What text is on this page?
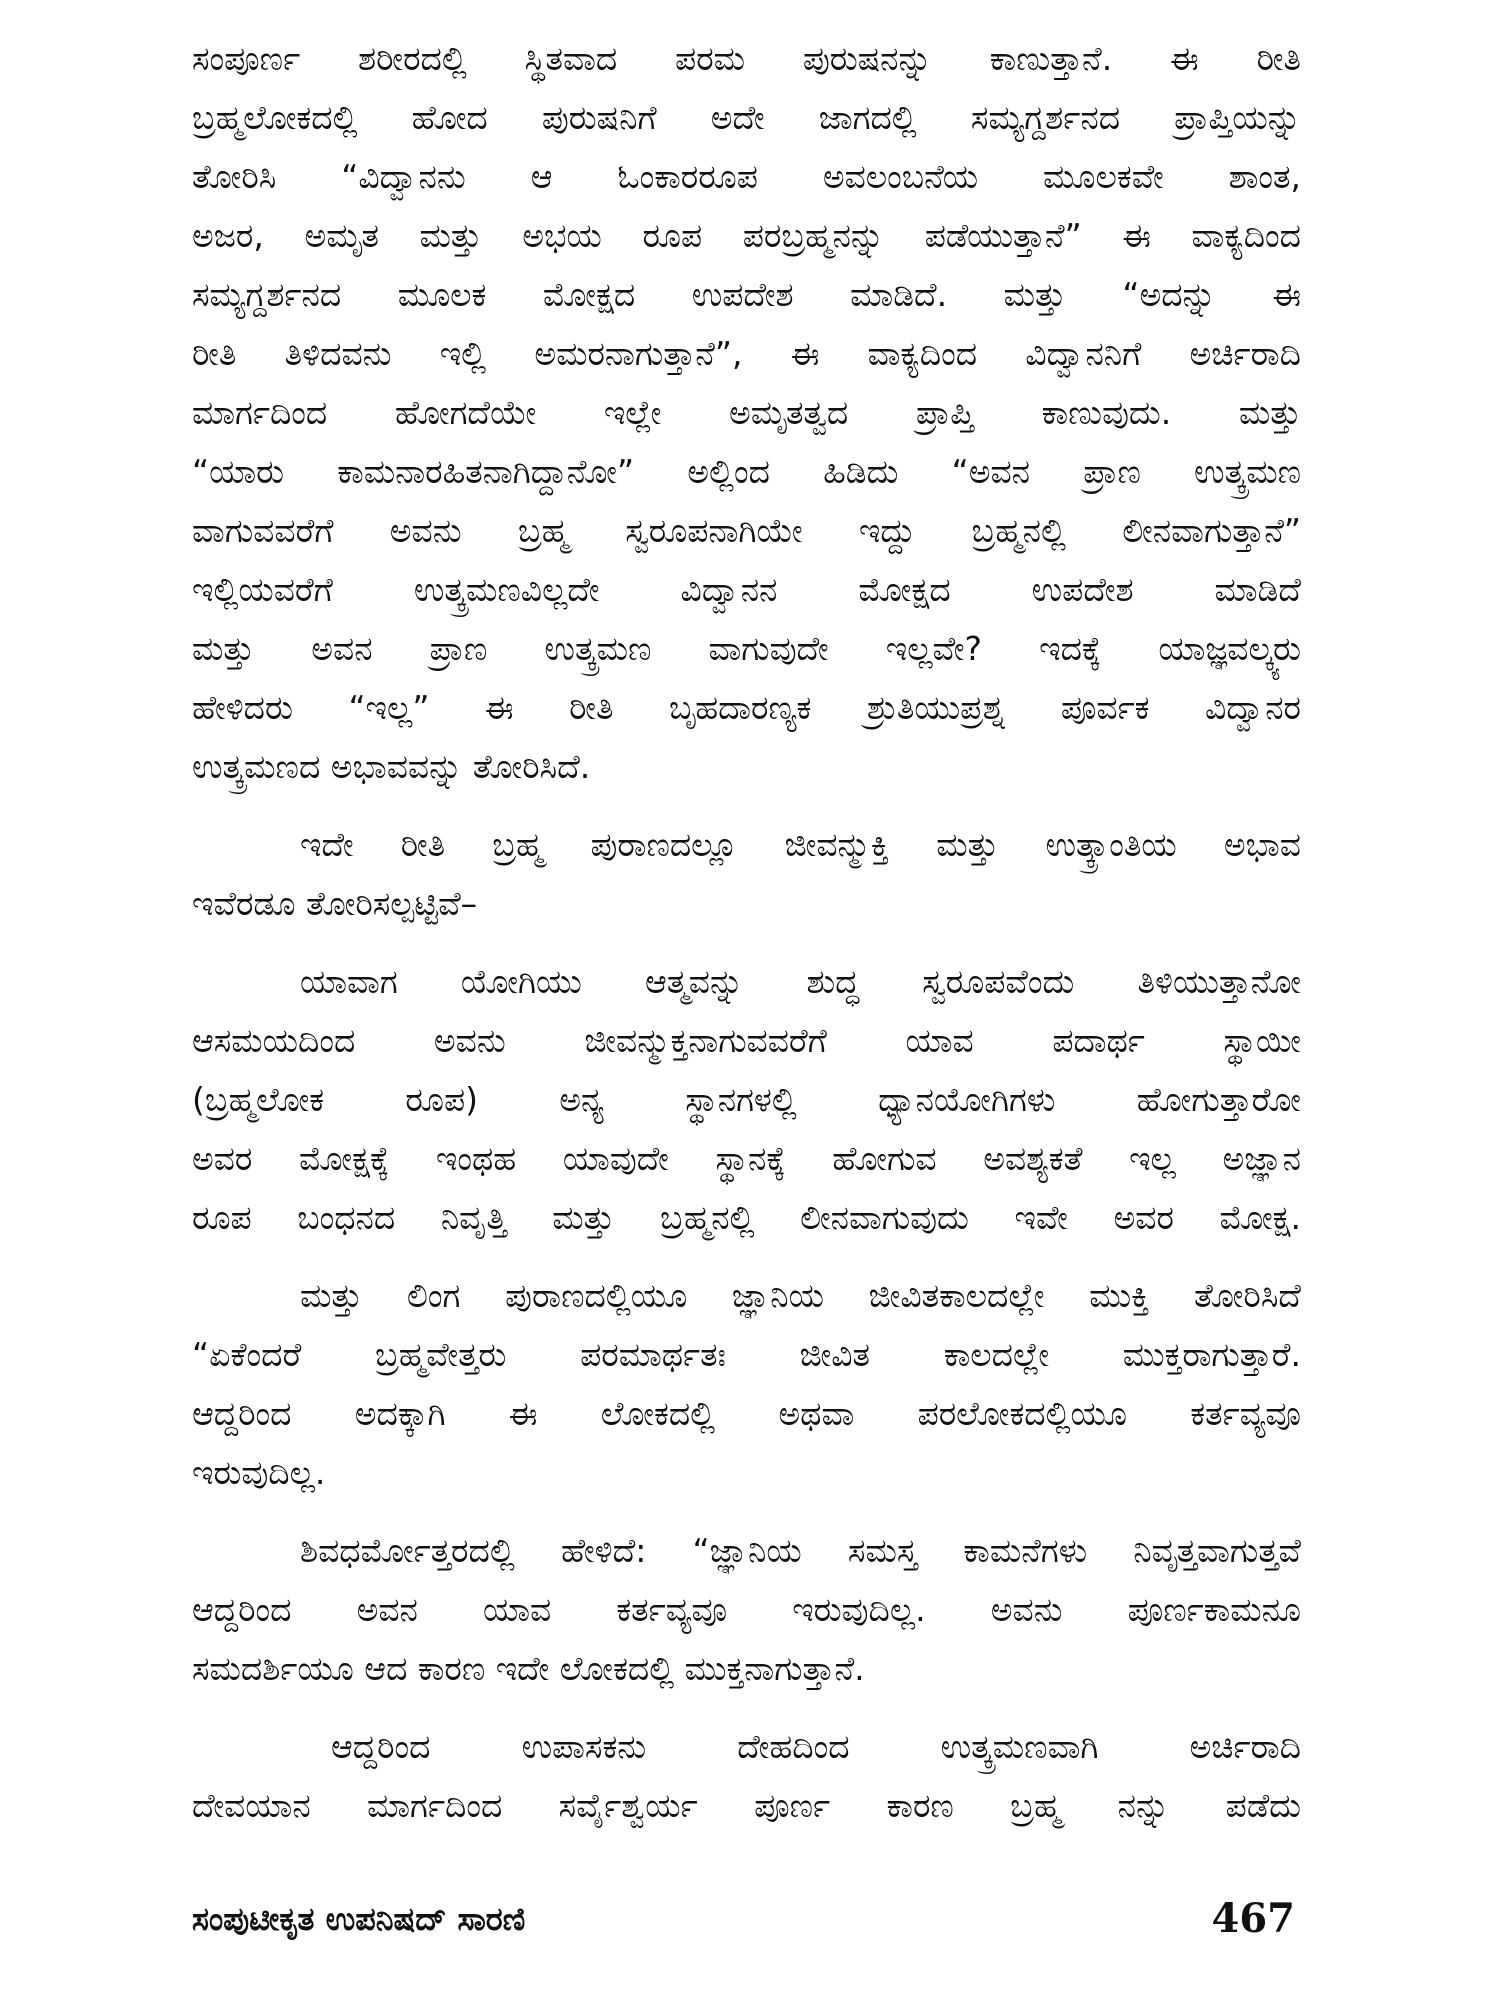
ಸಂಪೂರ್ಣ ಶರೀರದಲ್ಲಿ ಸ್ಥಿತವಾದ ಪರಮ ಪುರುಷನನ್ನು ಕಾಣುತ್ತಾನೆ. ಈ ರೀತಿ
ಬ್ರಹ್ಮಲೋಕದಲ್ಲಿ ಹೋದ ಪುರುಷನಿಗೆ ಅದೇ ಜಾಗದಲ್ಲಿ ಸಮ್ಯಗ್ದರ್ಶನದ ಪ್ರಾಪ್ತಿಯನ್ನು
ತೋರಿಸಿ “ವಿದ್ವಾನನು ಆ ಓಂಕಾರರೂಪ ಅವಲಂಬನೆಯ ಮೂಲಕವೇ ಶಾಂತ,
ಅಜರ, ಅಮೃತ ಮತ್ತು ಅಭಯ ರೂಪ ಪರಬ್ರಹ್ಮನನ್ನು ಪಡೆಯುತ್ತಾನೆ” ಈ ವಾಕ್ಯದಿಂದ
ಸಮ್ಯಗ್ದರ್ಶನದ ಮೂಲಕ ಮೋಕ್ಷದ ಉಪದೇಶ ಮಾಡಿದೆ. ಮತ್ತು “ಅದನ್ನು ಈ
ರೀತಿ ತಿಳಿದವನು ಇಲ್ಲಿ ಅಮರನಾಗುತ್ತಾನೆ”, ಈ ವಾಕ್ಯದಿಂದ ವಿದ್ವಾನನಿಗೆ ಅರ್ಚಿರಾದಿ
ಮಾರ್ಗದಿಂದ ಹೋಗದೆಯೇ ಇಲ್ಲೇ ಅಮೃತತ್ವದ ಪ್ರಾಪ್ತಿ ಕಾಣುವುದು. ಮತ್ತು
“ಯಾರು ಕಾಮನಾರಹಿತನಾಗಿದ್ದಾನೋ” ಅಲ್ಲಿಂದ ಹಿಡಿದು “ಅವನ ಪ್ರಾಣ ಉತ್ಕ್ರಮಣ
ವಾಗುವವರೆಗೆ ಅವನು ಬ್ರಹ್ಮ ಸ್ವರೂಪನಾಗಿಯೇ ಇದ್ದು ಬ್ರಹ್ಮನಲ್ಲಿ ಲೀನವಾಗುತ್ತಾನೆ”
ಇಲ್ಲಿಯವರೆಗೆ ಉತ್ಕ್ರಮಣವಿಲ್ಲದೇ ವಿದ್ವಾನನ ಮೋಕ್ಷದ ಉಪದೇಶ ಮಾಡಿದೆ
ಮತ್ತು ಅವನ ಪ್ರಾಣ ಉತ್ಕ್ರಮಣ ವಾಗುವುದೇ ಇಲ್ಲವೇ? ಇದಕ್ಕೆ ಯಾಜ್ಞವಲ್ಕ್ಯರು
ಹೇಳಿದರು “ಇಲ್ಲ” ಈ ರೀತಿ ಬೃಹದಾರಣ್ಯಕ ಶ್ರುತಿಯುಪ್ರಶ್ನ ಪೂರ್ವಕ ವಿದ್ವಾನರ
ಉತ್ಕ್ರಮಣದ ಅಭಾವವನ್ನು ತೋರಿಸಿದೆ.
ಇದೇ ರೀತಿ ಬ್ರಹ್ಮ ಪುರಾಣದಲ್ಲೂ ಜೀವನ್ಮುಕ್ತಿ ಮತ್ತು ಉತ್ಕ್ರಾಂತಿಯ ಅಭಾವ
ಇವೆರಡೂ ತೋರಿಸಲ್ಪಟ್ಟಿವೆ–
ಯಾವಾಗ ಯೋಗಿಯು ಆತ್ಮವನ್ನು ಶುದ್ಧ ಸ್ವರೂಪವೆಂದು ತಿಳಿಯುತ್ತಾನೋ
ಆಸಮಯದಿಂದ ಅವನು ಜೀವನ್ಮುಕ್ತನಾಗುವವರೆಗೆ ಯಾವ ಪದಾರ್ಥ ಸ್ಥಾಯೀ
(ಬ್ರಹ್ಮಲೋಕ ರೂಪ) ಅನ್ಯ ಸ್ಥಾನಗಳಲ್ಲಿ ಧ್ಯಾನಯೋಗಿಗಳು ಹೋಗುತ್ತಾರೋ
ಅವರ ಮೋಕ್ಷಕ್ಕೆ ಇಂಥಹ ಯಾವುದೇ ಸ್ಥಾನಕ್ಕೆ ಹೋಗುವ ಅವಶ್ಯಕತೆ ಇಲ್ಲ ಅಜ್ಞಾನ
ರೂಪ ಬಂಧನದ ನಿವೃತ್ತಿ ಮತ್ತು ಬ್ರಹ್ಮನಲ್ಲಿ ಲೀನವಾಗುವುದು ಇವೇ ಅವರ ಮೋಕ್ಷ.
ಮತ್ತು ಲಿಂಗ ಪುರಾಣದಲ್ಲಿಯೂ ಜ್ಞಾನಿಯ ಜೀವಿತಕಾಲದಲ್ಲೇ ಮುಕ್ತಿ ತೋರಿಸಿದೆ
“ಏಕೆಂದರೆ ಬ್ರಹ್ಮವೇತ್ತರು ಪರಮಾರ್ಥತಃ ಜೀವಿತ ಕಾಲದಲ್ಲೇ ಮುಕ್ತರಾಗುತ್ತಾರೆ.
ಆದ್ದರಿಂದ ಅದಕ್ಕಾಗಿ ಈ ಲೋಕದಲ್ಲಿ ಅಥವಾ ಪರಲೋಕದಲ್ಲಿಯೂ ಕರ್ತವ್ಯವೂ
ಇರುವುದಿಲ್ಲ.
ಶಿವಧರ್ಮೋತ್ತರದಲ್ಲಿ ಹೇಳಿದೆ: “ಜ್ಞಾನಿಯ ಸಮಸ್ತ ಕಾಮನೆಗಳು ನಿವೃತ್ತವಾಗುತ್ತವೆ
ಆದ್ದರಿಂದ ಅವನ ಯಾವ ಕರ್ತವ್ಯವೂ ಇರುವುದಿಲ್ಲ. ಅವನು ಪೂರ್ಣಕಾಮನೂ
ಸಮದರ್ಶಿಯೂ ಆದ ಕಾರಣ ಇದೇ ಲೋಕದಲ್ಲಿ ಮುಕ್ತನಾಗುತ್ತಾನೆ.
ಆದ್ದರಿಂದ ಉಪಾಸಕನು ದೇಹದಿಂದ ಉತ್ಕ್ರಮಣವಾಗಿ ಅರ್ಚಿರಾದಿ
ದೇವಯಾನ ಮಾರ್ಗದಿಂದ ಸರ್ವೈಶ್ವರ್ಯ ಪೂರ್ಣ ಕಾರಣ ಬ್ರಹ್ಮ ನನ್ನು ಪಡೆದು
ಸಂಪುಟೀಕೃತ ಉಪನಿಷದ್ ಸಾರಣಿ	467
